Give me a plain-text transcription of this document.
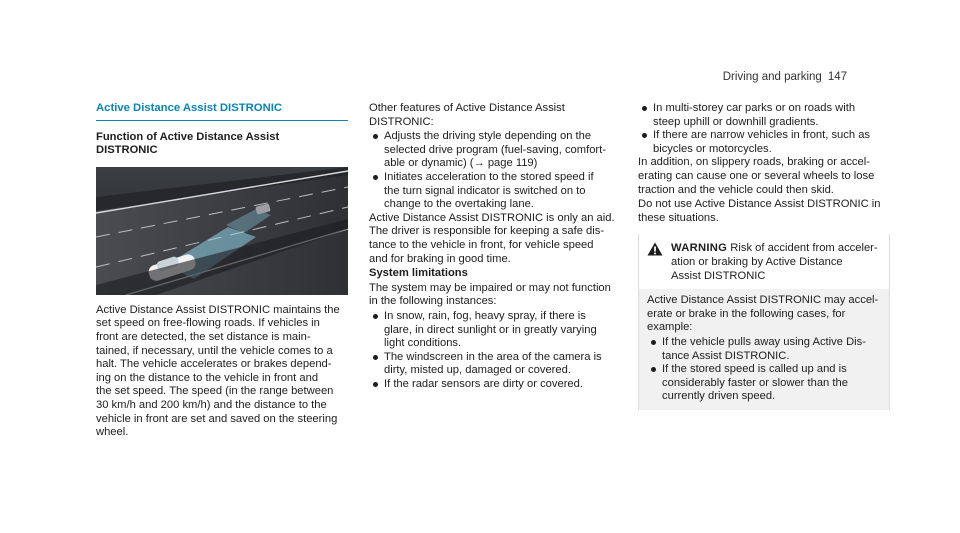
Driving and parking 147
Active Distance Assist DISTRONIC
Function of Active Distance Assist
DISTRONIC
Active Distance Assist DISTRONIC maintains the
set speed on free-flowing roads. If vehicles in
front are detected, the set distance is main-
tained, if necessary, until the vehicle comes to a
halt. The vehicle accelerates or brakes depend-
ing on the distance to the vehicle in front and
the set speed. The speed (in the range between
30 km/h and 200 km/h) and the distance to the
vehicle in front are set and saved on the steering
wheel.

Other features of Active Distance Assist
DISTRONIC:

Adjusts the driving style depending on the
selected drive program (fuel-saving, comfort-
able or dynamic) (→ page 119)
Initiates acceleration to the stored speed if
the turn signal indicator is switched on to
change to the overtaking lane.

Active Distance Assist DISTRONIC is only an aid.
The driver is responsible for keeping a safe dis-
tance to the vehicle in front, for vehicle speed
and for braking in good time.

System limitations

The system may be impaired or may not function
in the following instances:

In snow, rain, fog, heavy spray, if there is
glare, in direct sunlight or in greatly varying
light conditions.
The windscreen in the area of the camera is
dirty, misted up, damaged or covered.
If the radar sensors are dirty or covered.
In multi-storey car parks or on roads with
steep uphill or downhill gradients.
If there are narrow vehicles in front, such as
bicycles or motorcycles.

In addition, on slippery roads, braking or accel-
erating can cause one or several wheels to lose
traction and the vehicle could then skid.

Do not use Active Distance Assist DISTRONIC in
these situations.

WARNING Risk of accident from acceler-
ation or braking by Active Distance
Assist DISTRONIC

Active Distance Assist DISTRONIC may accel-
erate or brake in the following cases, for
example:

If the vehicle pulls away using Active Dis-
tance Assist DISTRONIC.
If the stored speed is called up and is
considerably faster or slower than the
currently driven speed.
